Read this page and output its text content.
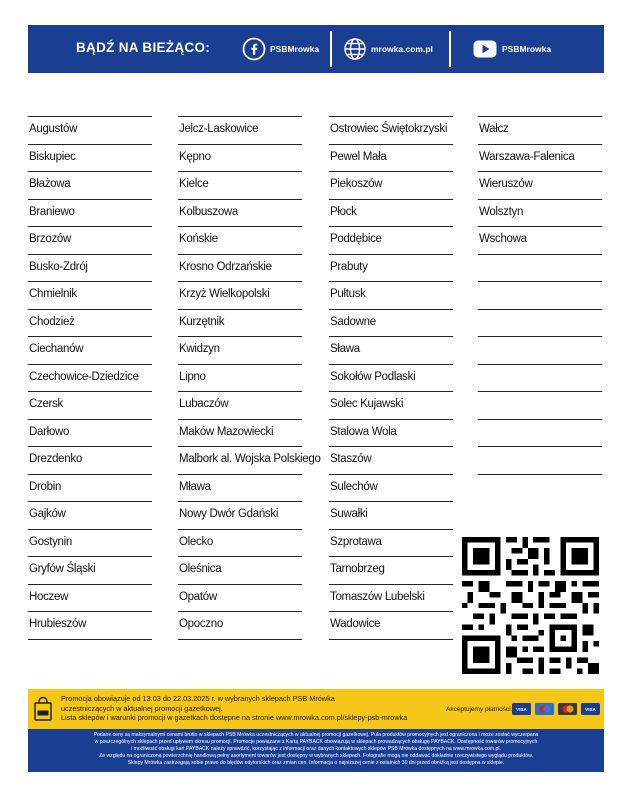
BĄDŹ NA BIEŻĄCO:	PSBMrowka	mrowka.com.pl	PSBMrowka
Augustów
Biskupiec
Błażowa
Braniewo
Brzozów
Busko-Zdrój
Chmielnik
Chodzież
Ciechanów
Czechowice-Dziedzice
Czersk
Darłowo
Drezdenko
Drobin
Gajków
Gostynin
Gryfów Śląski
Hoczew
Hrubieszów
Jelcz-Laskowice
Kępno
Kielce
Kolbuszowa
Końskie
Krosno Odrzańskie
Krzyż Wielkopolski
Kurzętnik
Kwidzyn
Lipno
Lubaczów
Maków Mazowiecki
Malbork al. Wojska Polskiego
Mława
Nowy Dwór Gdański
Olecko
Oleśnica
Opatów
Opoczno
Ostrowiec Świętokrzyski
Pewel Mała
Piekoszów
Płock
Poddębice
Prabuty
Pułtusk
Sadowne
Sława
Sokołów Podlaski
Solec Kujawski
Stalowa Wola
Staszów
Sulechów
Suwałki
Szprotawa
Tarnobrzeg
Tomaszów Lubelski
Wadowice
Wałcz
Warszawa-Falenica
Wieruszów
Wolsztyn
Wschowa
Promocja obowiązuje od 13.03 do 22.03.2025 r. w wybranych sklepach PSB Mrówka
uczestniczących w aktualnej promocji gazetkowej.
Lista sklepów i warunki promocji w gazetkach dostępne na stronie www.mrowka.com.pl/sklepy-psb-mrowka
Akceptujemy płatności: VISA	VISA
Podane ceny są maksymalnymi cenami brutto w sklepach PSB Mrówka uczestniczących w aktualnej promocji gazetkowej. Pula produktów promocyjnych jest ograniczona i może zostać wyczerpana
w poszczególnych sklepach przed upływem okresu promocji. Promocje powiązane z Kartą PAYBACK obowiązują w sklepach prowadzących obsługę PAYBACK. Dostępność towarów promocyjnych
i możliwość obsługi kart PAYBACK należy sprawdzić, korzystając z informacji oraz danych kontaktowych sklepów PSB Mrówka dostępnych na www.mrowka.com.pl.
Ze względu na ograniczoną powierzchnię handlową pełny asortyment towarów jest dostępny w wybranych sklepach. Fotografie mogą nie oddawać dokładnie rzeczywistego wyglądu produktów.
Sklepy Mrówka zastrzegają sobie prawo do błędów edytorskich oraz zmian cen. Informacja o najniższej cenie z ostatnich 30 dni przed obniżką jest dostępna w sklepie.
